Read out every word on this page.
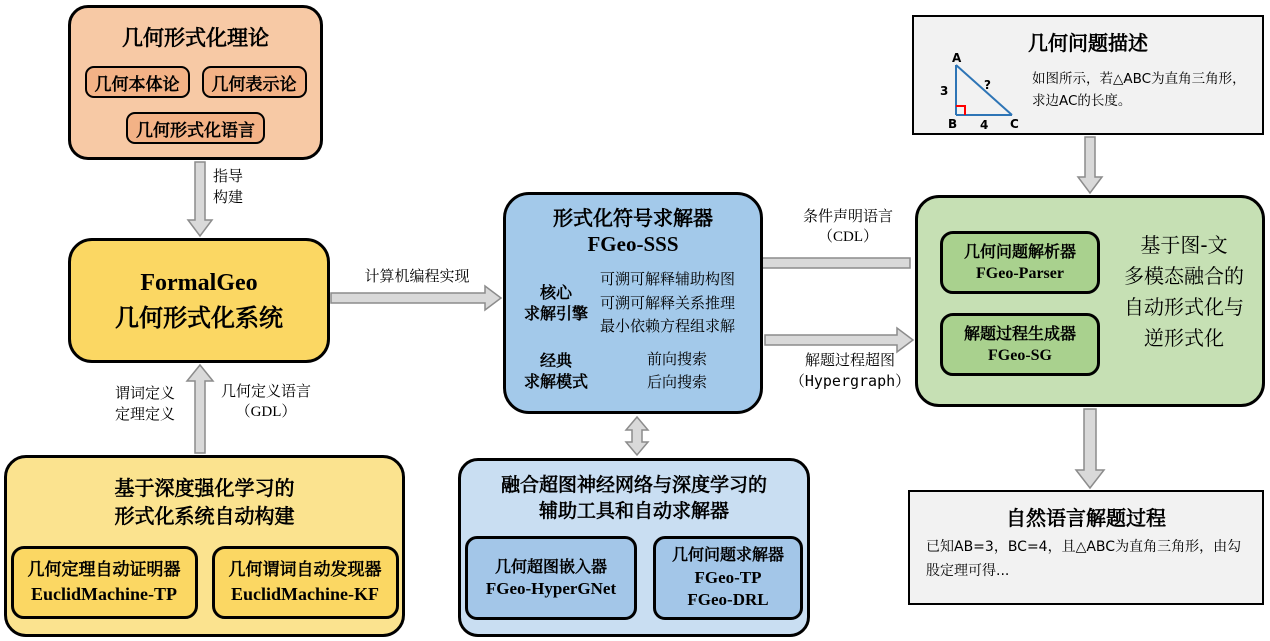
几何形式化理论
几何本体论 几何表示论
几何形式化语言
指导
构建
FormalGeo
几何形式化系统
计算机编程实现
谓词定义
定理定义
几何定义语言
（GDL）
基于深度强化学习的
形式化系统自动构建
几何定理自动证明器
EuclidMachine-TP
几何谓词自动发现器
EuclidMachine-KF
形式化符号求解器
FGeo-SSS
核心
求解引擎
可溯可解释辅助构图
可溯可解释关系推理
最小依赖方程组求解
经典
求解模式
前向搜索
后向搜索
条件声明语言
（CDL）
解题过程超图
（Hypergraph）
融合超图神经网络与深度学习的
辅助工具和自动求解器
几何超图嵌入器
FGeo-HyperGNet
几何问题求解器
FGeo-TP
FGeo-DRL
几何问题描述
A
B	C
3
4
?	如图所示，若△ABC为直角三角形，
求边AC的长度。
几何问题解析器
FGeo-Parser
解题过程生成器
FGeo-SG
基于图-文
多模态融合的
自动形式化与
逆形式化
自然语言解题过程
已知AB=3，BC=4，且△ABC为直角三角形，由勾股定理可得...
